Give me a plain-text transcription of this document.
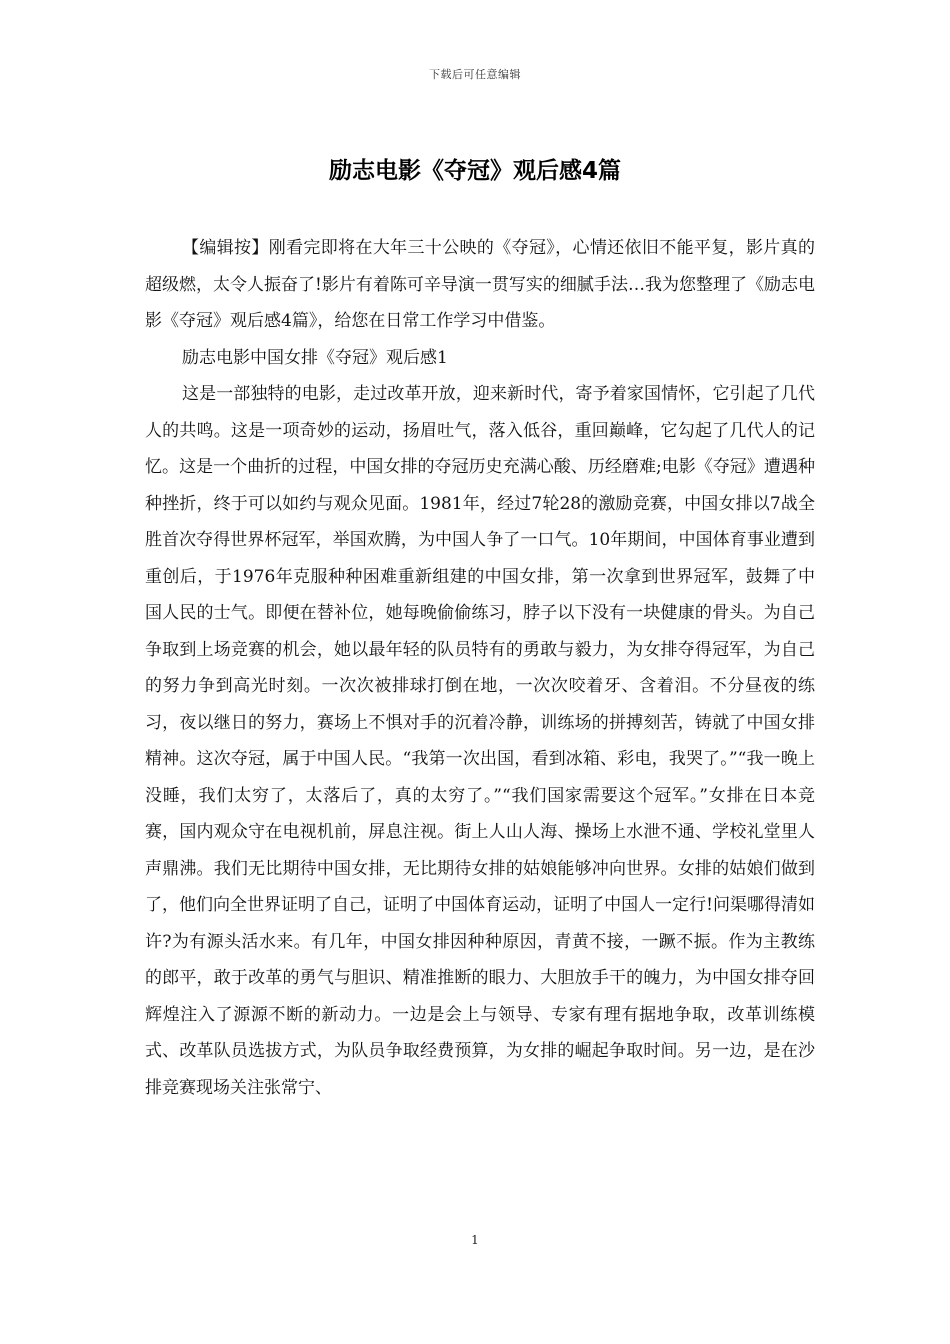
下载后可任意编辑
励志电影《夺冠》观后感4篇

【编辑按】刚看完即将在大年三十公映的《夺冠》，心情还依旧不能平复，影片真的超级燃，太令人振奋了!影片有着陈可辛导演一贯写实的细腻手法…我为您整理了《励志电影《夺冠》观后感4篇》，给您在日常工作学习中借鉴。

励志电影中国女排《夺冠》观后感1

这是一部独特的电影，走过改革开放，迎来新时代，寄予着家国情怀，它引起了几代人的共鸣。这是一项奇妙的运动，扬眉吐气，落入低谷，重回巅峰，它勾起了几代人的记忆。这是一个曲折的过程，中国女排的夺冠历史充满心酸、历经磨难;电影《夺冠》遭遇种种挫折，终于可以如约与观众见面。1981年，经过7轮28的激励竞赛，中国女排以7战全胜首次夺得世界杯冠军，举国欢腾，为中国人争了一口气。10年期间，中国体育事业遭到重创后，于1976年克服种种困难重新组建的中国女排，第一次拿到世界冠军，鼓舞了中国人民的士气。即便在替补位，她每晚偷偷练习，脖子以下没有一块健康的骨头。为自己争取到上场竞赛的机会，她以最年轻的队员特有的勇敢与毅力，为女排夺得冠军，为自己的努力争到高光时刻。一次次被排球打倒在地，一次次咬着牙、含着泪。不分昼夜的练习，夜以继日的努力，赛场上不惧对手的沉着冷静，训练场的拼搏刻苦，铸就了中国女排精神。这次夺冠，属于中国人民。“我第一次出国，看到冰箱、彩电，我哭了。”“我一晚上没睡，我们太穷了，太落后了，真的太穷了。”“我们国家需要这个冠军。”女排在日本竞赛，国内观众守在电视机前，屏息注视。街上人山人海、操场上水泄不通、学校礼堂里人声鼎沸。我们无比期待中国女排，无比期待女排的姑娘能够冲向世界。女排的姑娘们做到了，他们向全世界证明了自己，证明了中国体育运动，证明了中国人一定行!问渠哪得清如许?为有源头活水来。有几年，中国女排因种种原因，青黄不接，一蹶不振。作为主教练的郎平，敢于改革的勇气与胆识、精准推断的眼力、大胆放手干的魄力，为中国女排夺回辉煌注入了源源不断的新动力。一边是会上与领导、专家有理有据地争取，改革训练模式、改革队员选拔方式，为队员争取经费预算，为女排的崛起争取时间。另一边，是在沙排竞赛现场关注张常宁、

1
